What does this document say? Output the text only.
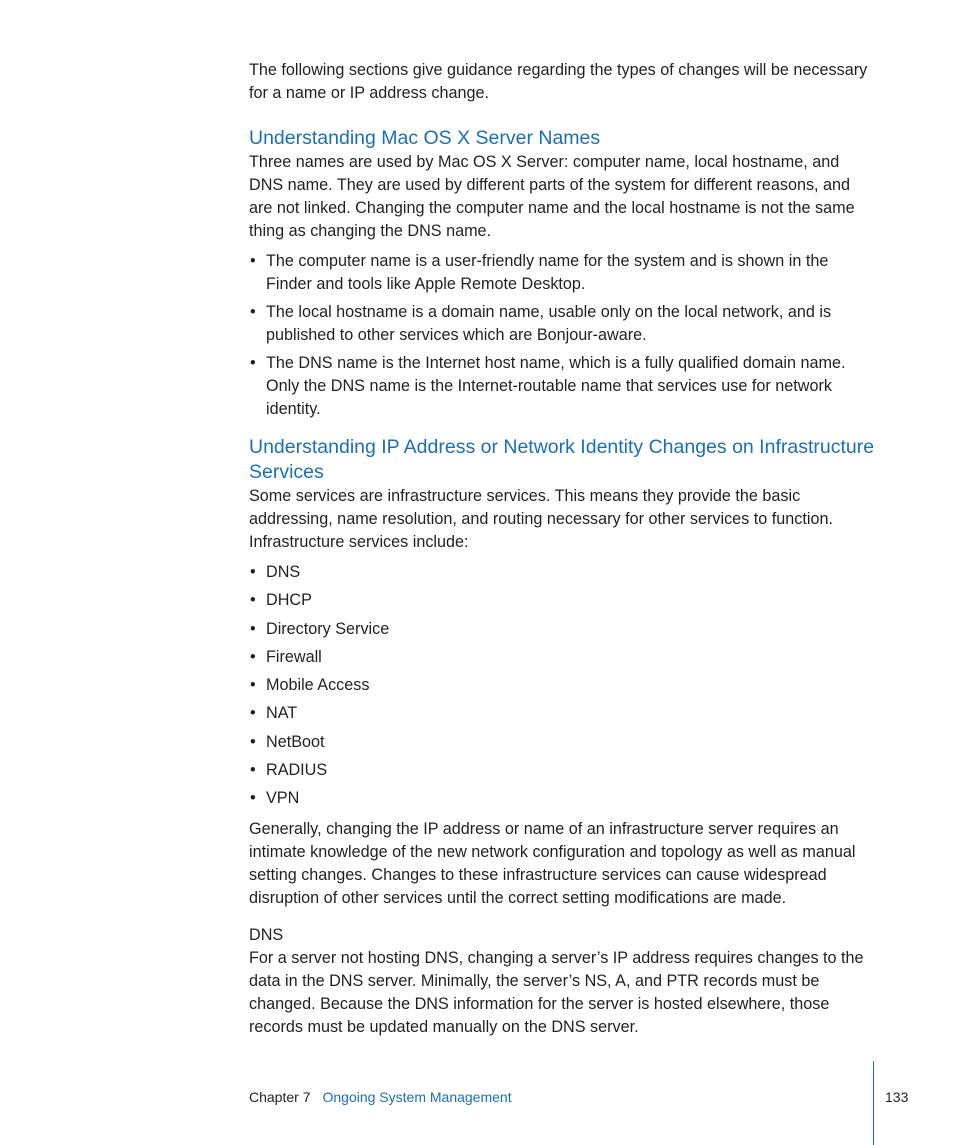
The following sections give guidance regarding the types of changes will be necessary for a name or IP address change.

Understanding Mac OS X Server Names

Three names are used by Mac OS X Server: computer name, local hostname, and DNS name. They are used by different parts of the system for different reasons, and are not linked. Changing the computer name and the local hostname is not the same thing as changing the DNS name.

• The computer name is a user-friendly name for the system and is shown in the Finder and tools like Apple Remote Desktop.
• The local hostname is a domain name, usable only on the local network, and is published to other services which are Bonjour-aware.
• The DNS name is the Internet host name, which is a fully qualified domain name. Only the DNS name is the Internet-routable name that services use for network identity.
Understanding IP Address or Network Identity Changes on Infrastructure Services

Some services are infrastructure services. This means they provide the basic addressing, name resolution, and routing necessary for other services to function. Infrastructure services include:

• DNS
• DHCP
• Directory Service
• Firewall
• Mobile Access
• NAT
• NetBoot
• RADIUS
• VPN

Generally, changing the IP address or name of an infrastructure server requires an intimate knowledge of the new network configuration and topology as well as manual setting changes. Changes to these infrastructure services can cause widespread disruption of other services until the correct setting modifications are made.

DNS

For a server not hosting DNS, changing a server’s IP address requires changes to the data in the DNS server. Minimally, the server’s NS, A, and PTR records must be changed. Because the DNS information for the server is hosted elsewhere, those records must be updated manually on the DNS server.

Chapter 7 Ongoing System Management	133
